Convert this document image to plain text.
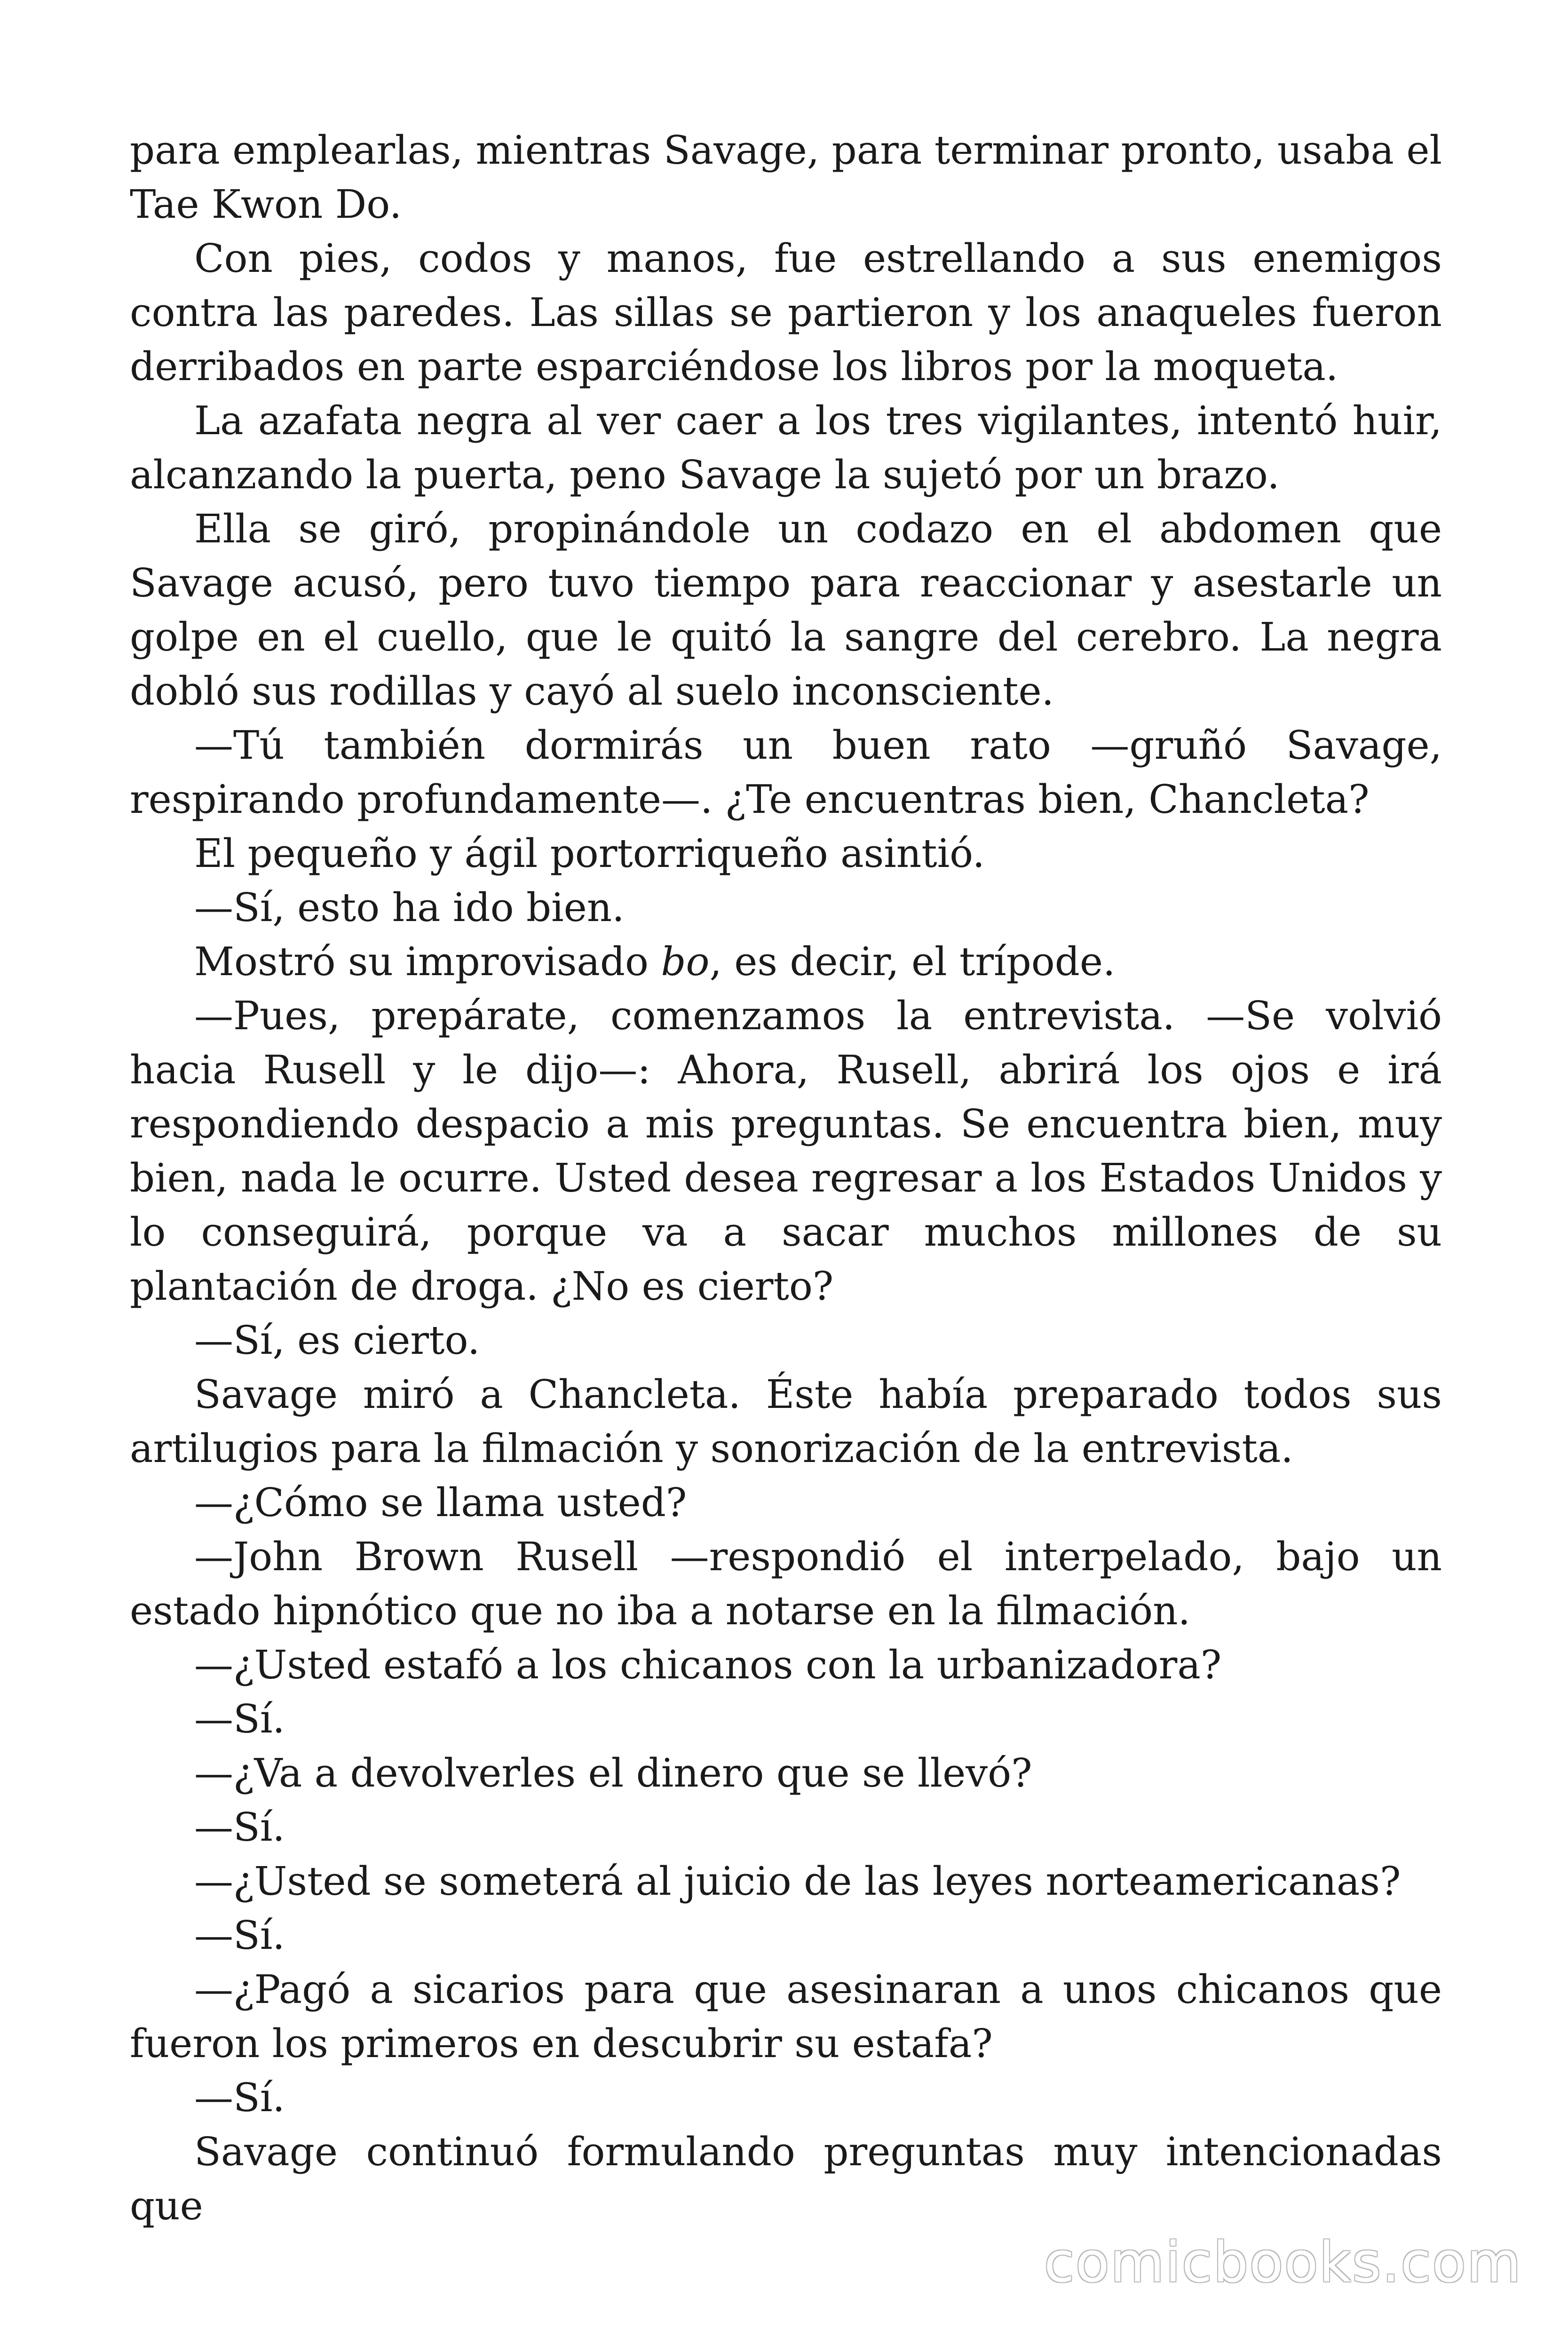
para emplearlas, mientras Savage, para terminar pronto, usaba el Tae Kwon Do.

Con pies, codos y manos, fue estrellando a sus enemigos contra las paredes. Las sillas se partieron y los anaqueles fueron derribados en parte esparciéndose los libros por la moqueta.

La azafata negra al ver caer a los tres vigilantes, intentó huir, alcanzando la puerta, peno Savage la sujetó por un brazo.

Ella se giró, propinándole un codazo en el abdomen que Savage acusó, pero tuvo tiempo para reaccionar y asestarle un golpe en el cuello, que le quitó la sangre del cerebro. La negra dobló sus rodillas y cayó al suelo inconsciente.

—Tú también dormirás un buen rato —gruñó Savage, respirando profundamente—. ¿Te encuentras bien, Chancleta?

El pequeño y ágil portorriqueño asintió.

—Sí, esto ha ido bien.

Mostró su improvisado bo, es decir, el trípode.

—Pues, prepárate, comenzamos la entrevista. —Se volvió hacia Rusell y le dijo—: Ahora, Rusell, abrirá los ojos e irá respondiendo despacio a mis preguntas. Se encuentra bien, muy bien, nada le ocurre. Usted desea regresar a los Estados Unidos y lo conseguirá, porque va a sacar muchos millones de su plantación de droga. ¿No es cierto?

—Sí, es cierto.

Savage miró a Chancleta. Éste había preparado todos sus artilugios para la filmación y sonorización de la entrevista.

—¿Cómo se llama usted?

—John Brown Rusell —respondió el interpelado, bajo un estado hipnótico que no iba a notarse en la filmación.

—¿Usted estafó a los chicanos con la urbanizadora?

—Sí.

—¿Va a devolverles el dinero que se llevó?

—Sí.

—¿Usted se someterá al juicio de las leyes norteamericanas?

—Sí.

—¿Pagó a sicarios para que asesinaran a unos chicanos que fueron los primeros en descubrir su estafa?

—Sí.

Savage continuó formulando preguntas muy intencionadas que

comicbooks.com
